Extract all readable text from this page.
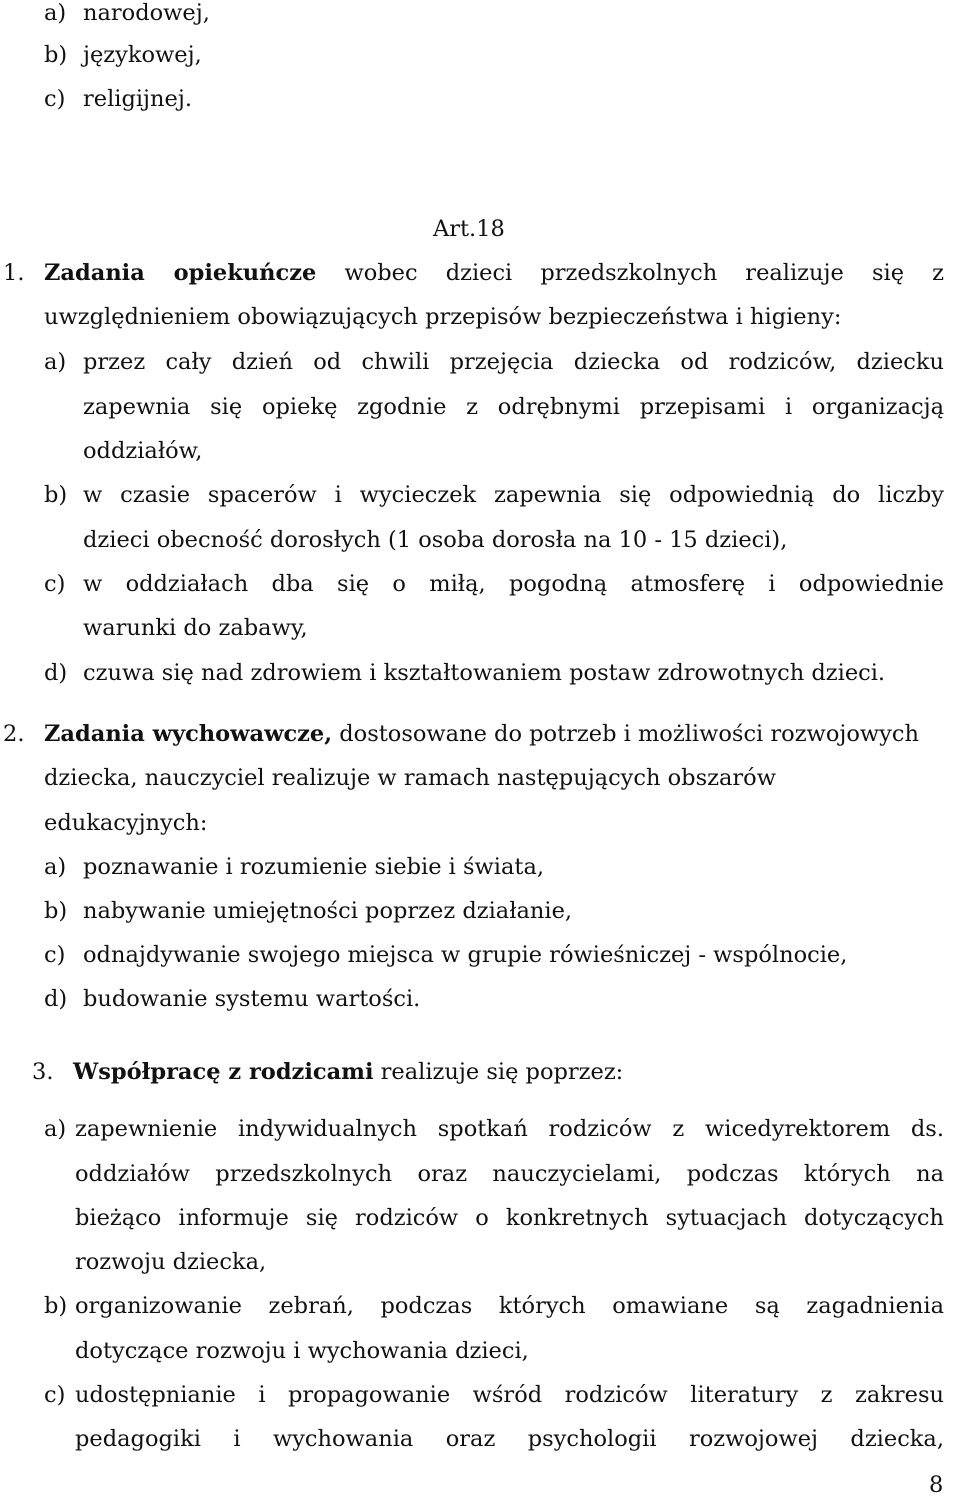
a) narodowej,
b) językowej,
c) religijnej.
Art.18
1. Zadania opiekuńcze wobec dzieci przedszkolnych realizuje się z
uwzględnieniem obowiązujących przepisów bezpieczeństwa i higieny:
a) przez cały dzień od chwili przejęcia dziecka od rodziców, dziecku
zapewnia się opiekę zgodnie z odrębnymi przepisami i organizacją
oddziałów,
b) w czasie spacerów i wycieczek zapewnia się odpowiednią do liczby
dzieci obecność dorosłych (1 osoba dorosła na 10 - 15 dzieci),
c) w oddziałach dba się o miłą, pogodną atmosferę i odpowiednie
warunki do zabawy,
d) czuwa się nad zdrowiem i kształtowaniem postaw zdrowotnych dzieci.
2. Zadania wychowawcze, dostosowane do potrzeb i możliwości rozwojowych
dziecka, nauczyciel realizuje w ramach następujących obszarów
edukacyjnych:
a) poznawanie i rozumienie siebie i świata,
b) nabywanie umiejętności poprzez działanie,
c) odnajdywanie swojego miejsca w grupie rówieśniczej - wspólnocie,
d) budowanie systemu wartości.
3. Współpracę z rodzicami realizuje się poprzez:
a) zapewnienie indywidualnych spotkań rodziców z wicedyrektorem ds.
oddziałów przedszkolnych oraz nauczycielami, podczas których na
bieżąco informuje się rodziców o konkretnych sytuacjach dotyczących
rozwoju dziecka,
b) organizowanie zebrań, podczas których omawiane są zagadnienia
dotyczące rozwoju i wychowania dzieci,
c) udostępnianie i propagowanie wśród rodziców literatury z zakresu
pedagogiki i wychowania oraz psychologii rozwojowej dziecka,
8
